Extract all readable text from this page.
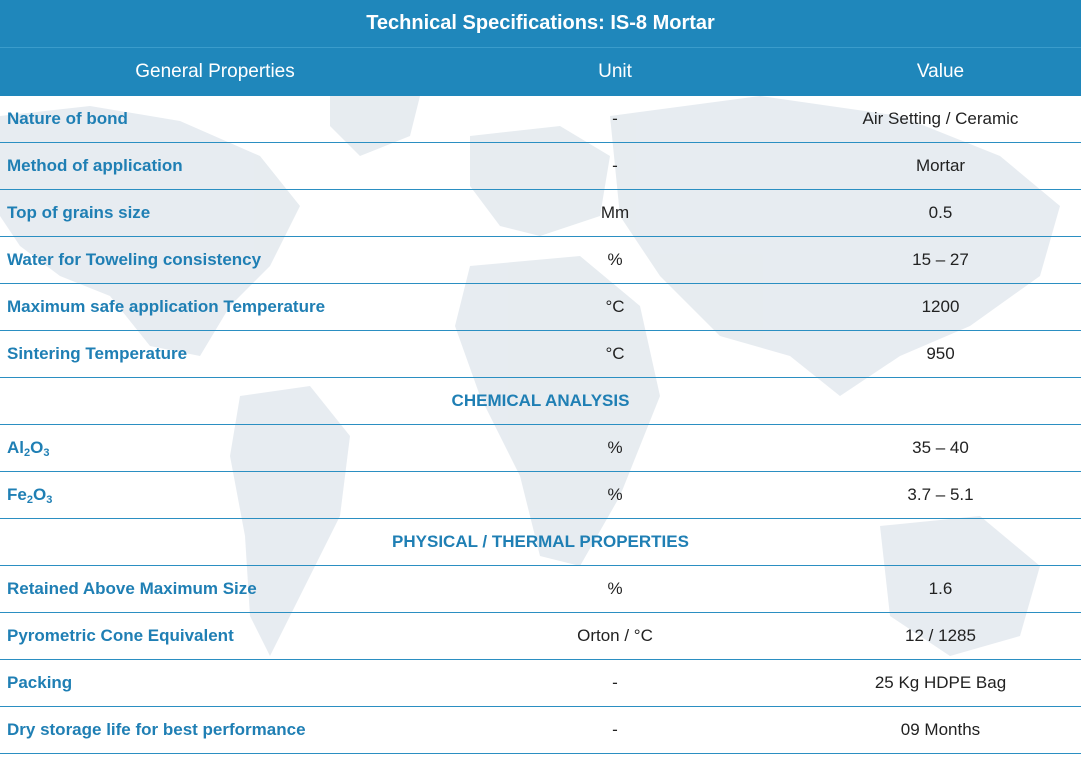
Technical Specifications: IS-8 Mortar		
General Properties	Unit	Value
Nature of bond	-	Air Setting / Ceramic
Method of application	-	Mortar
Top of grains size	Mm	0.5
Water for Toweling consistency	%	15 – 27
Maximum safe application Temperature	°C	1200
Sintering Temperature	°C	950
CHEMICAL ANALYSIS		
$Al_2O_3$	%	35 – 40
$Fe_2O_3$	%	3.7 – 5.1
PHYSICAL / THERMAL PROPERTIES		
Retained Above Maximum Size	%	1.6
Pyrometric Cone Equivalent	Orton / °C	12 / 1285
Packing	-	25 Kg HDPE Bag
Dry storage life for best performance	-	09 Months
